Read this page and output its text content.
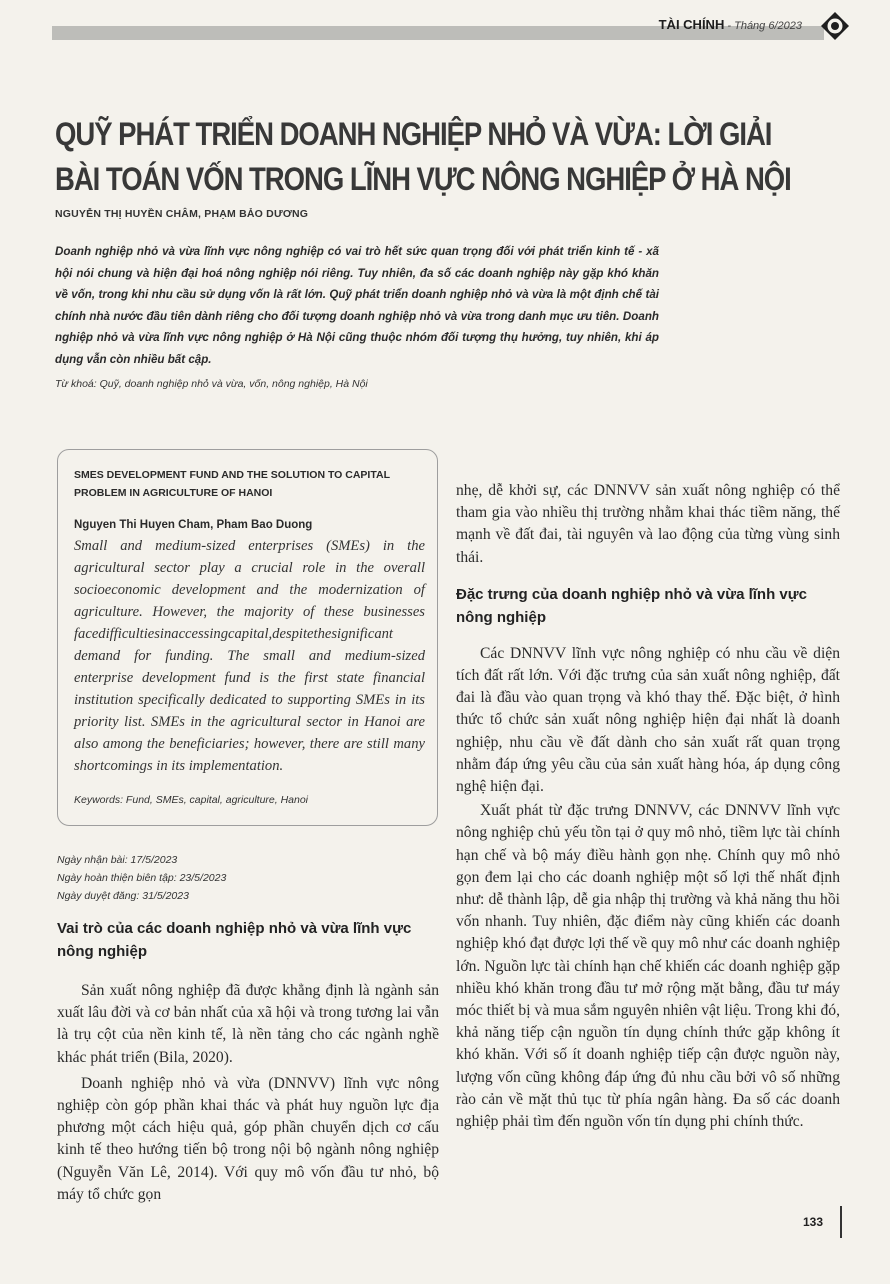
TÀI CHÍNH - Tháng 6/2023
QUỸ PHÁT TRIỂN DOANH NGHIỆP NHỎ VÀ VỪA: LỜI GIẢI
BÀI TOÁN VỐN TRONG LĨNH VỰC NÔNG NGHIỆP Ở HÀ NỘI
NGUYỄN THỊ HUYỀN CHÂM, PHẠM BẢO DƯƠNG

Doanh nghiệp nhỏ và vừa lĩnh vực nông nghiệp có vai trò hết sức quan trọng đối với phát triển kinh tế - xã hội nói chung và hiện đại hoá nông nghiệp nói riêng. Tuy nhiên, đa số các doanh nghiệp này gặp khó khăn về vốn, trong khi nhu cầu sử dụng vốn là rất lớn. Quỹ phát triển doanh nghiệp nhỏ và vừa là một định chế tài chính nhà nước đầu tiên dành riêng cho đối tượng doanh nghiệp nhỏ và vừa trong danh mục ưu tiên. Doanh nghiệp nhỏ và vừa lĩnh vực nông nghiệp ở Hà Nội cũng thuộc nhóm đối tượng thụ hưởng, tuy nhiên, khi áp dụng vẫn còn nhiều bất cập.

Từ khoá: Quỹ, doanh nghiệp nhỏ và vừa, vốn, nông nghiệp, Hà Nội

SMES DEVELOPMENT FUND AND THE SOLUTION TO CAPITAL PROBLEM IN AGRICULTURE OF HANOI

Nguyen Thi Huyen Cham, Pham Bao Duong

Small and medium-sized enterprises (SMEs) in the agricultural sector play a crucial role in the overall socioeconomic development and the modernization of agriculture. However, the majority of these businesses facedifficultiesinaccessingcapital,despitethesignificant demand for funding. The small and medium-sized enterprise development fund is the first state financial institution specifically dedicated to supporting SMEs in its priority list. SMEs in the agricultural sector in Hanoi are also among the beneficiaries; however, there are still many shortcomings in its implementation.

Keywords: Fund, SMEs, capital, agriculture, Hanoi

Ngày nhận bài: 17/5/2023
Ngày hoàn thiện biên tập: 23/5/2023
Ngày duyệt đăng: 31/5/2023
Vai trò của các doanh nghiệp nhỏ và vừa lĩnh vực nông nghiệp

Sản xuất nông nghiệp đã được khẳng định là ngành sản xuất lâu đời và cơ bản nhất của xã hội và trong tương lai vẫn là trụ cột của nền kinh tế, là nền tảng cho các ngành nghề khác phát triển (Bila, 2020).

Doanh nghiệp nhỏ và vừa (DNNVV) lĩnh vực nông nghiệp còn góp phần khai thác và phát huy nguồn lực địa phương một cách hiệu quả, góp phần chuyển dịch cơ cấu kinh tế theo hướng tiến bộ trong nội bộ ngành nông nghiệp (Nguyễn Văn Lê, 2014). Với quy mô vốn đầu tư nhỏ, bộ máy tổ chức gọn

nhẹ, dễ khởi sự, các DNNVV sản xuất nông nghiệp có thể tham gia vào nhiều thị trường nhằm khai thác tiềm năng, thế mạnh về đất đai, tài nguyên và lao động của từng vùng sinh thái.

Đặc trưng của doanh nghiệp nhỏ và vừa lĩnh vực nông nghiệp

Các DNNVV lĩnh vực nông nghiệp có nhu cầu về diện tích đất rất lớn. Với đặc trưng của sản xuất nông nghiệp, đất đai là đầu vào quan trọng và khó thay thế. Đặc biệt, ở hình thức tổ chức sản xuất nông nghiệp hiện đại nhất là doanh nghiệp, nhu cầu về đất dành cho sản xuất rất quan trọng nhằm đáp ứng yêu cầu của sản xuất hàng hóa, áp dụng công nghệ hiện đại.

Xuất phát từ đặc trưng DNNVV, các DNNVV lĩnh vực nông nghiệp chủ yếu tồn tại ở quy mô nhỏ, tiềm lực tài chính hạn chế và bộ máy điều hành gọn nhẹ. Chính quy mô nhỏ gọn đem lại cho các doanh nghiệp một số lợi thế nhất định như: dễ thành lập, dễ gia nhập thị trường và khả năng thu hồi vốn nhanh. Tuy nhiên, đặc điểm này cũng khiến các doanh nghiệp khó đạt được lợi thế về quy mô như các doanh nghiệp lớn. Nguồn lực tài chính hạn chế khiến các doanh nghiệp gặp nhiều khó khăn trong đầu tư mở rộng mặt bằng, đầu tư máy móc thiết bị và mua sắm nguyên nhiên vật liệu. Trong khi đó, khả năng tiếp cận nguồn tín dụng chính thức gặp không ít khó khăn. Với số ít doanh nghiệp tiếp cận được nguồn này, lượng vốn cũng không đáp ứng đủ nhu cầu bởi vô số những rào cản về mặt thủ tục từ phía ngân hàng. Đa số các doanh nghiệp phải tìm đến nguồn vốn tín dụng phi chính thức.

133
